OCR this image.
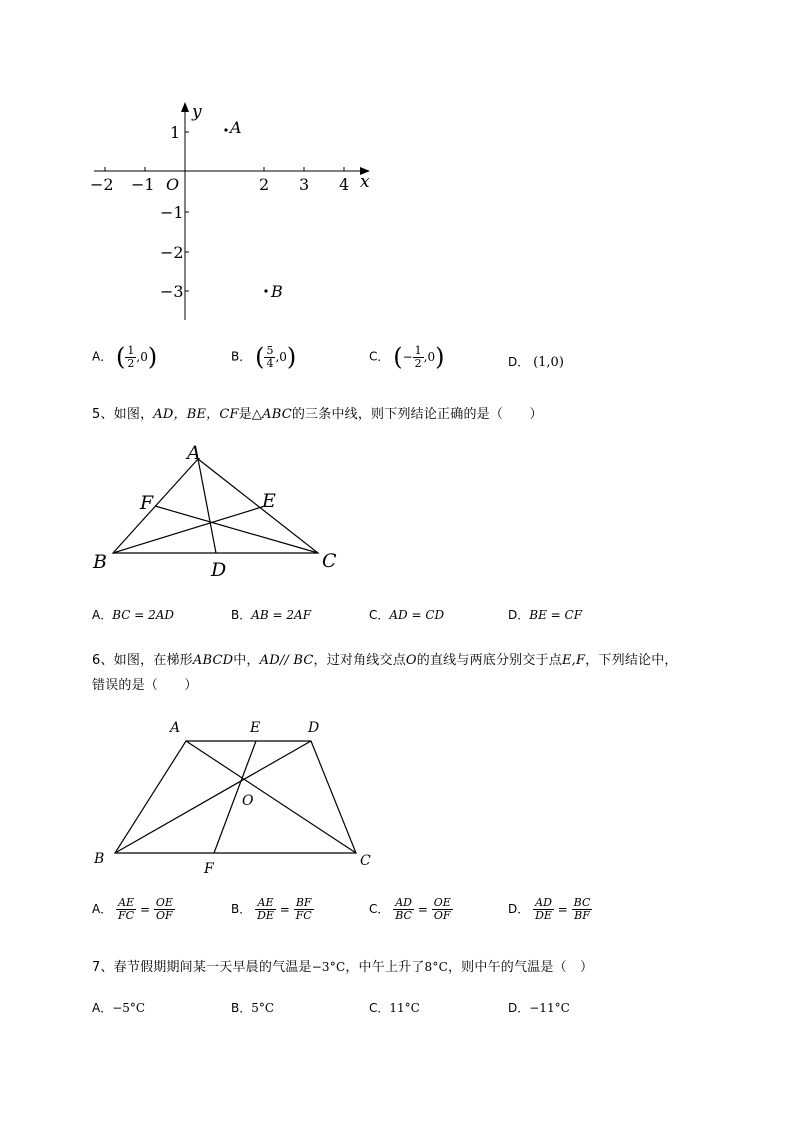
y
x
O
−2 −1	2 3 4
1
−1
−2
−3
A
B
A． ( $\frac{1}{2} ,0$)	B． ( $\frac{5}{4} ,0$)	C． (− $\frac{1}{2} ,0$)	D． (1,0)
5、如图，AD，BE，CF是△ABC的三条中线，则下列结论正确的是（　　）
A
B	C
D
E
F
A．BC = 2AD	B．AB = 2AF	C．AD = CD	D．BE = CF
6、如图，在梯形ABCD中，AD// BC，过对角线交点O的直线与两底分别交于点E,F，下列结论中，
错误的是（　　）
A	E	D
O
B
F	C
A． $\frac{AE}{FC} = \frac{OE}{OF}$	B． $\frac{AE}{DE} = \frac{BF}{FC}$	C． $\frac{AD}{BC} = \frac{OE}{OF}$	D． $\frac{AD}{DE} = \frac{BC}{BF}$
7、春节假期期间某一天早晨的气温是−3°C，中午上升了8°C，则中午的气温是（　）
A．−5°C	B．5°C	C．11°C	D．−11°C
